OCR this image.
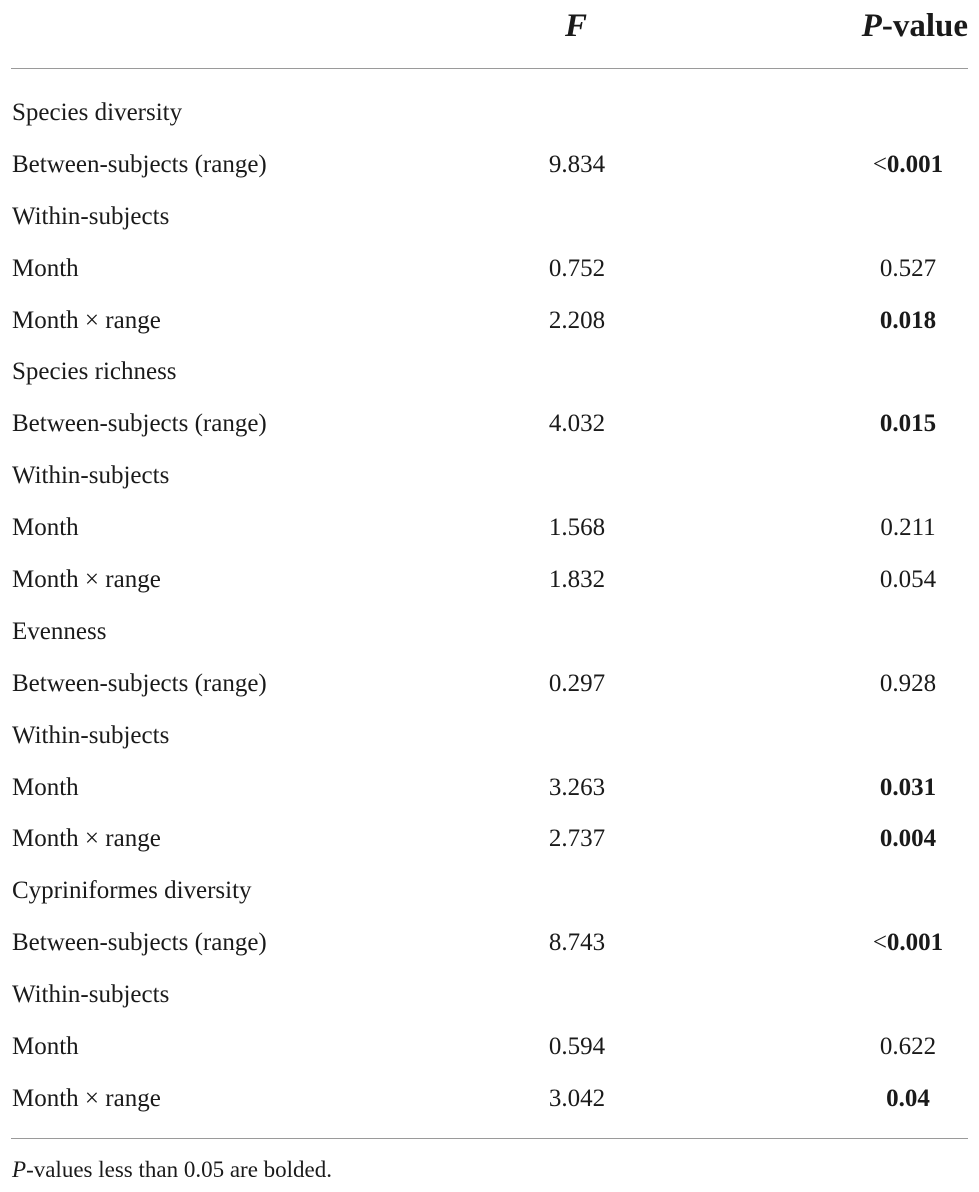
F	P-value
Species diversity
Between-subjects (range)	9.834	<0.001
Within-subjects
Month	0.752	0.527
Month × range	2.208	0.018
Species richness
Between-subjects (range)	4.032	0.015
Within-subjects
Month	1.568	0.211
Month × range	1.832	0.054
Evenness
Between-subjects (range)	0.297	0.928
Within-subjects
Month	3.263	0.031
Month × range	2.737	0.004
Cypriniformes diversity
Between-subjects (range)	8.743	<0.001
Within-subjects
Month	0.594	0.622
Month × range	3.042	0.04
P-values less than 0.05 are bolded.
